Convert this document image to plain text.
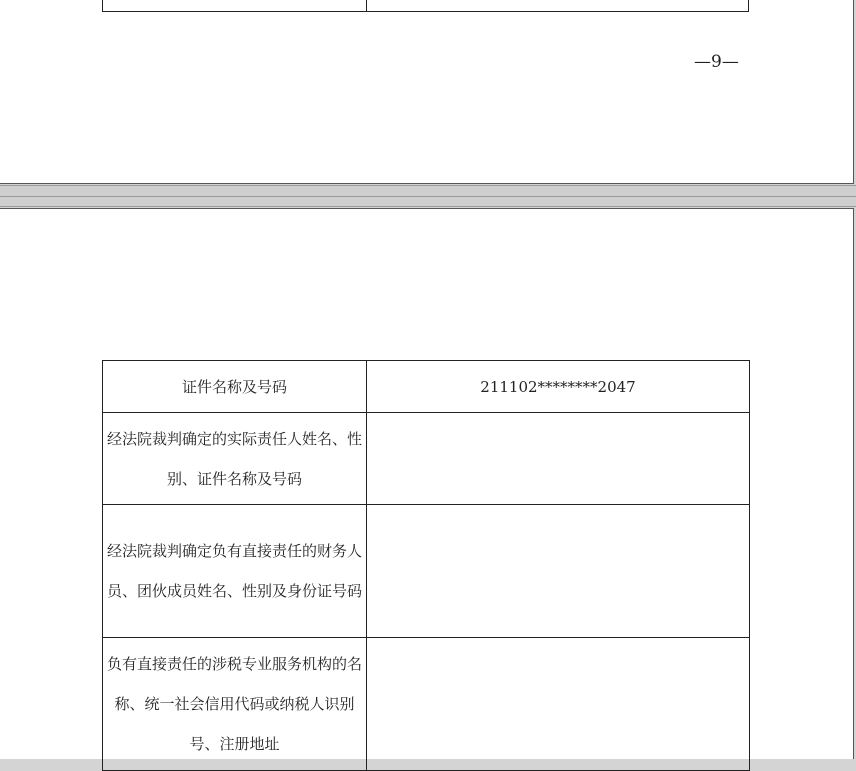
—9—
证件名称及号码	211102********2047
经法院裁判确定的实际责任人姓名、性别、证件名称及号码	
经法院裁判确定负有直接责任的财务人员、团伙成员姓名、性别及身份证号码	
负有直接责任的涉税专业服务机构的名称、统一社会信用代码或纳税人识别号、注册地址	
